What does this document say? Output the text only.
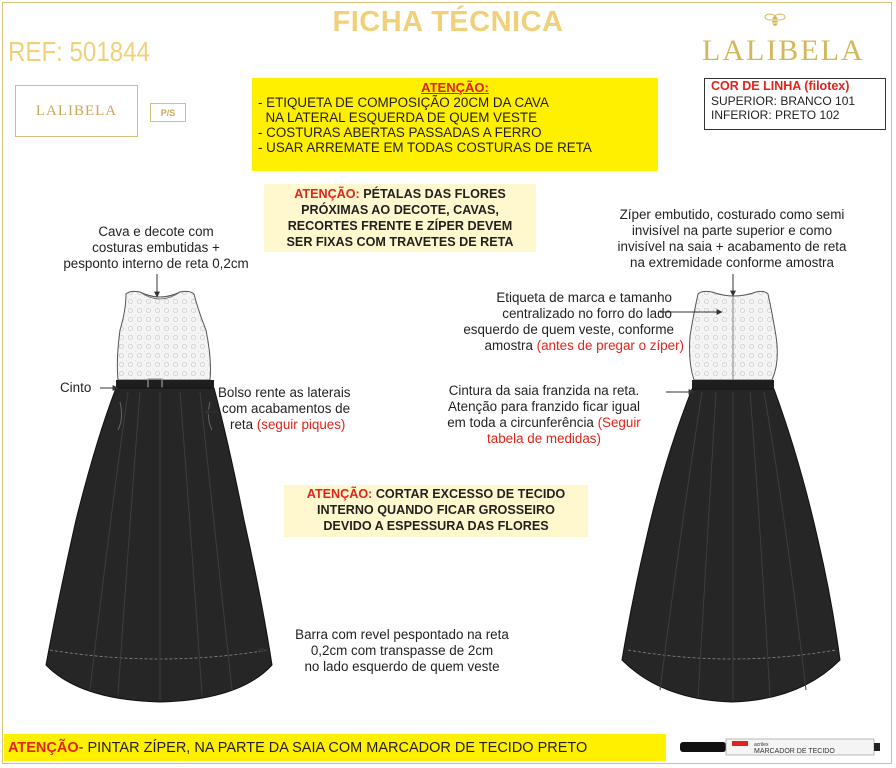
FICHA TÉCNICA
REF: 501844	LALIBELA
LALIBELA	P/S
ATENÇÃO:
- ETIQUETA DE COMPOSIÇÃO 20CM DA CAVA
NA LATERAL ESQUERDA DE QUEM VESTE
- COSTURAS ABERTAS PASSADAS A FERRO
- USAR ARREMATE EM TODAS COSTURAS DE RETA
COR DE LINHA (filotex)
SUPERIOR: BRANCO 101
INFERIOR: PRETO 102
ATENÇÃO: PÉTALAS DAS FLORES
PRÓXIMAS AO DECOTE, CAVAS,
RECORTES FRENTE E ZÍPER DEVEM
SER FIXAS COM TRAVETES DE RETA
ATENÇÃO: CORTAR EXCESSO DE TECIDO
INTERNO QUANDO FICAR GROSSEIRO
DEVIDO A ESPESSURA DAS FLORES
Cava e decote com
costuras embutidas +
pesponto interno de reta 0,2cm
Cinto	Bolso rente as laterais
com acabamentos de
reta (seguir piques)
Barra com revel pespontado na reta
0,2cm com transpasse de 2cm
no lado esquerdo de quem veste
Zíper embutido, costurado como semi
invisível na parte superior e como
invisível na saia + acabamento de reta
na extremidade conforme amostra
Etiqueta de marca e tamanho
centralizado no forro do lado
esquerdo de quem veste, conforme
amostra (antes de pregar o zíper)
Cintura da saia franzida na reta.
Atenção para franzido ficar igual
em toda a circunferência (Seguir
tabela de medidas)
ATENÇÃO - PINTAR ZÍPER, NA PARTE DA SAIA COM MARCADOR DE TECIDO PRETO	acrilex
MARCADOR DE TECIDO
